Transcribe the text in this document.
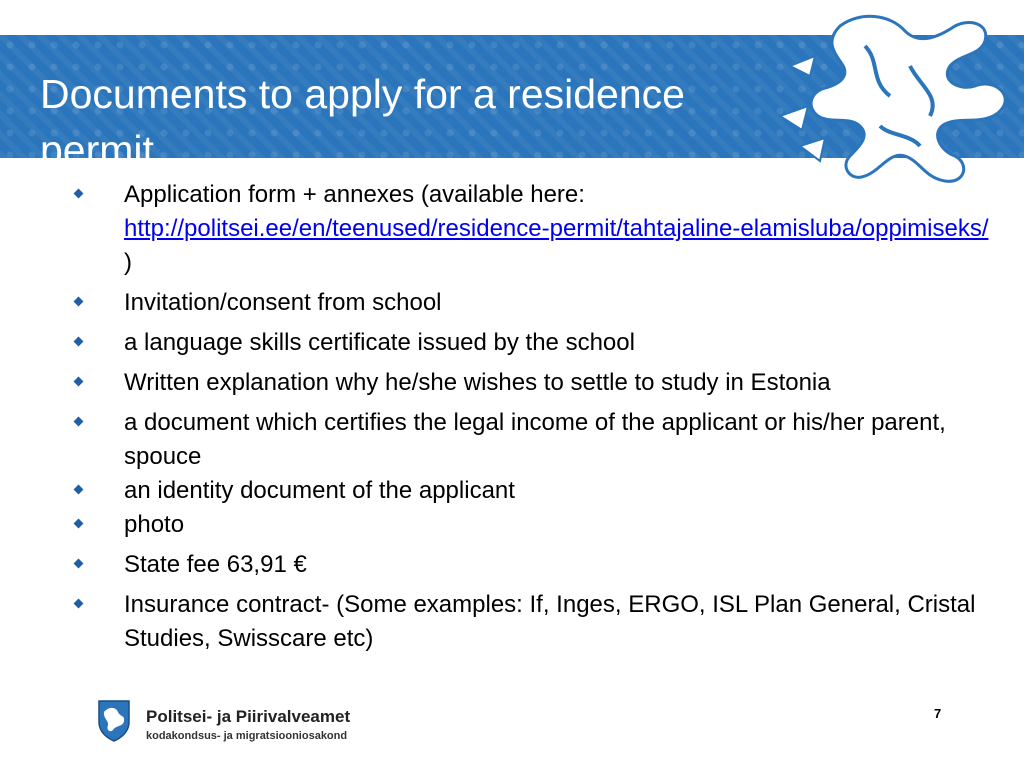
Documents to apply for a residence permit
Application form + annexes (available here:
http://politsei.ee/en/teenused/residence-permit/tahtajaline-elamisluba/oppimiseks/ )
Invitation/consent from school
a language skills certificate issued by the school
Written explanation why he/she wishes to settle to study in Estonia
a document which certifies the legal income of the applicant or his/her parent, spouce
an identity document of the applicant
photo
State fee 63,91 €
Insurance contract- (Some examples: If, Inges, ERGO, ISL Plan General, Cristal Studies, Swisscare etc)

Politsei- ja Piirivalveamet

kodakondsus- ja migratsiooniosakond

7
